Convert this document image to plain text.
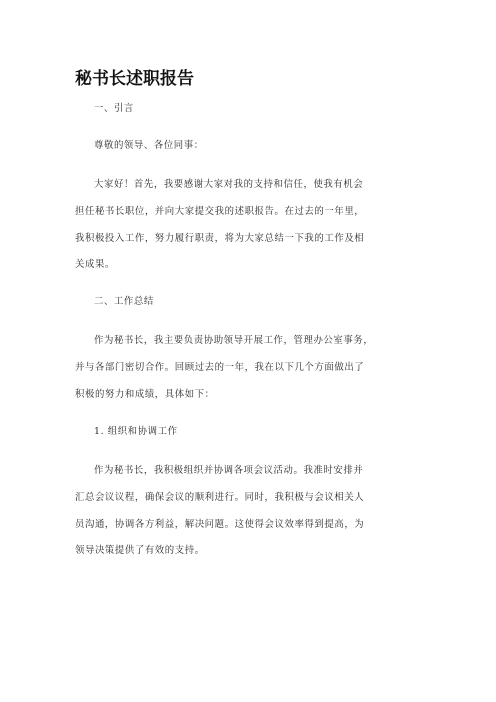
秘书长述职报告
一、引言
尊敬的领导、各位同事：
大家好！首先，我要感谢大家对我的支持和信任，使我有机会
担任秘书长职位，并向大家提交我的述职报告。在过去的一年里，
我积极投入工作，努力履行职责，将为大家总结一下我的工作及相
关成果。
二、工作总结
作为秘书长，我主要负责协助领导开展工作，管理办公室事务，
并与各部门密切合作。回顾过去的一年，我在以下几个方面做出了
积极的努力和成绩，具体如下：
1. 组织和协调工作
作为秘书长，我积极组织并协调各项会议活动。我准时安排并
汇总会议议程，确保会议的顺利进行。同时，我积极与会议相关人
员沟通，协调各方利益，解决问题。这使得会议效率得到提高，为
领导决策提供了有效的支持。
